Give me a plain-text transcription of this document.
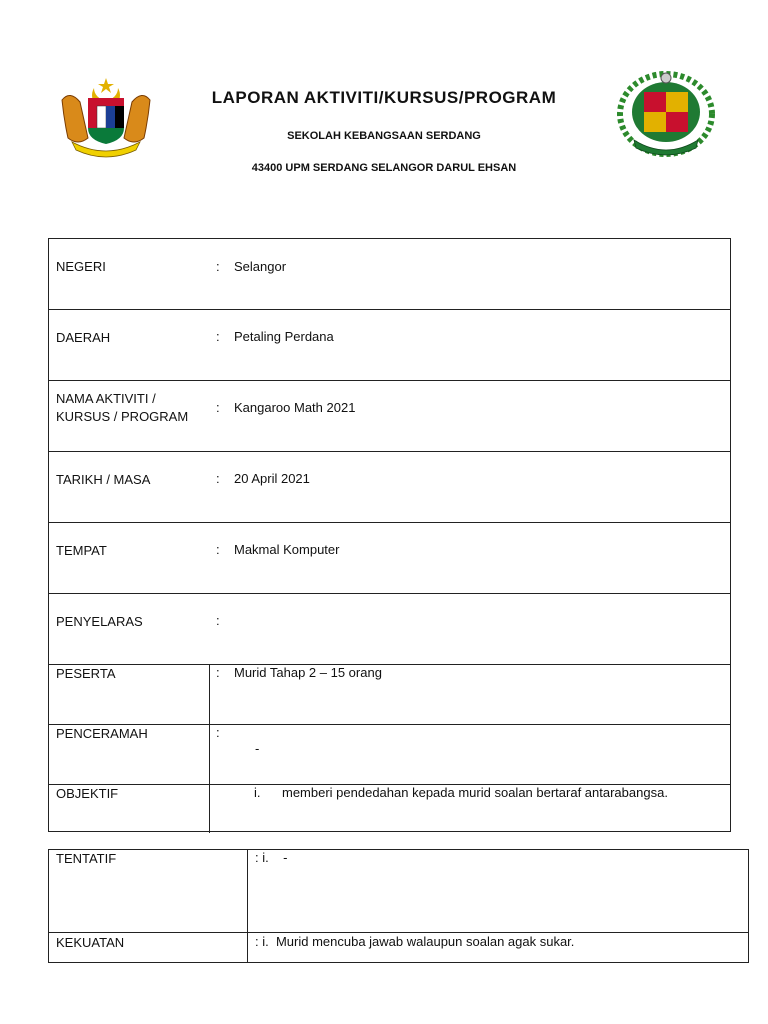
LAPORAN AKTIVITI/KURSUS/PROGRAM
SEKOLAH KEBANGSAAN SERDANG
43400 UPM SERDANG SELANGOR DARUL EHSAN
NEGERI	: Selangor
DAERAH	: Petaling Perdana
NAMA AKTIVITI /
KURSUS / PROGRAM
: Kangaroo Math 2021
TARIKH / MASA	: 20 April 2021
TEMPAT	: Makmal Komputer
PENYELARAS	:
PESERTA	: Murid Tahap 2 – 15 orang
PENCERAMAH	:
-
OBJEKTIF	i. memberi pendedahan kepada murid soalan bertaraf antarabangsa.
TENTATIF	: i.    -
KEKUATAN	: i.  Murid mencuba jawab walaupun soalan agak sukar.
